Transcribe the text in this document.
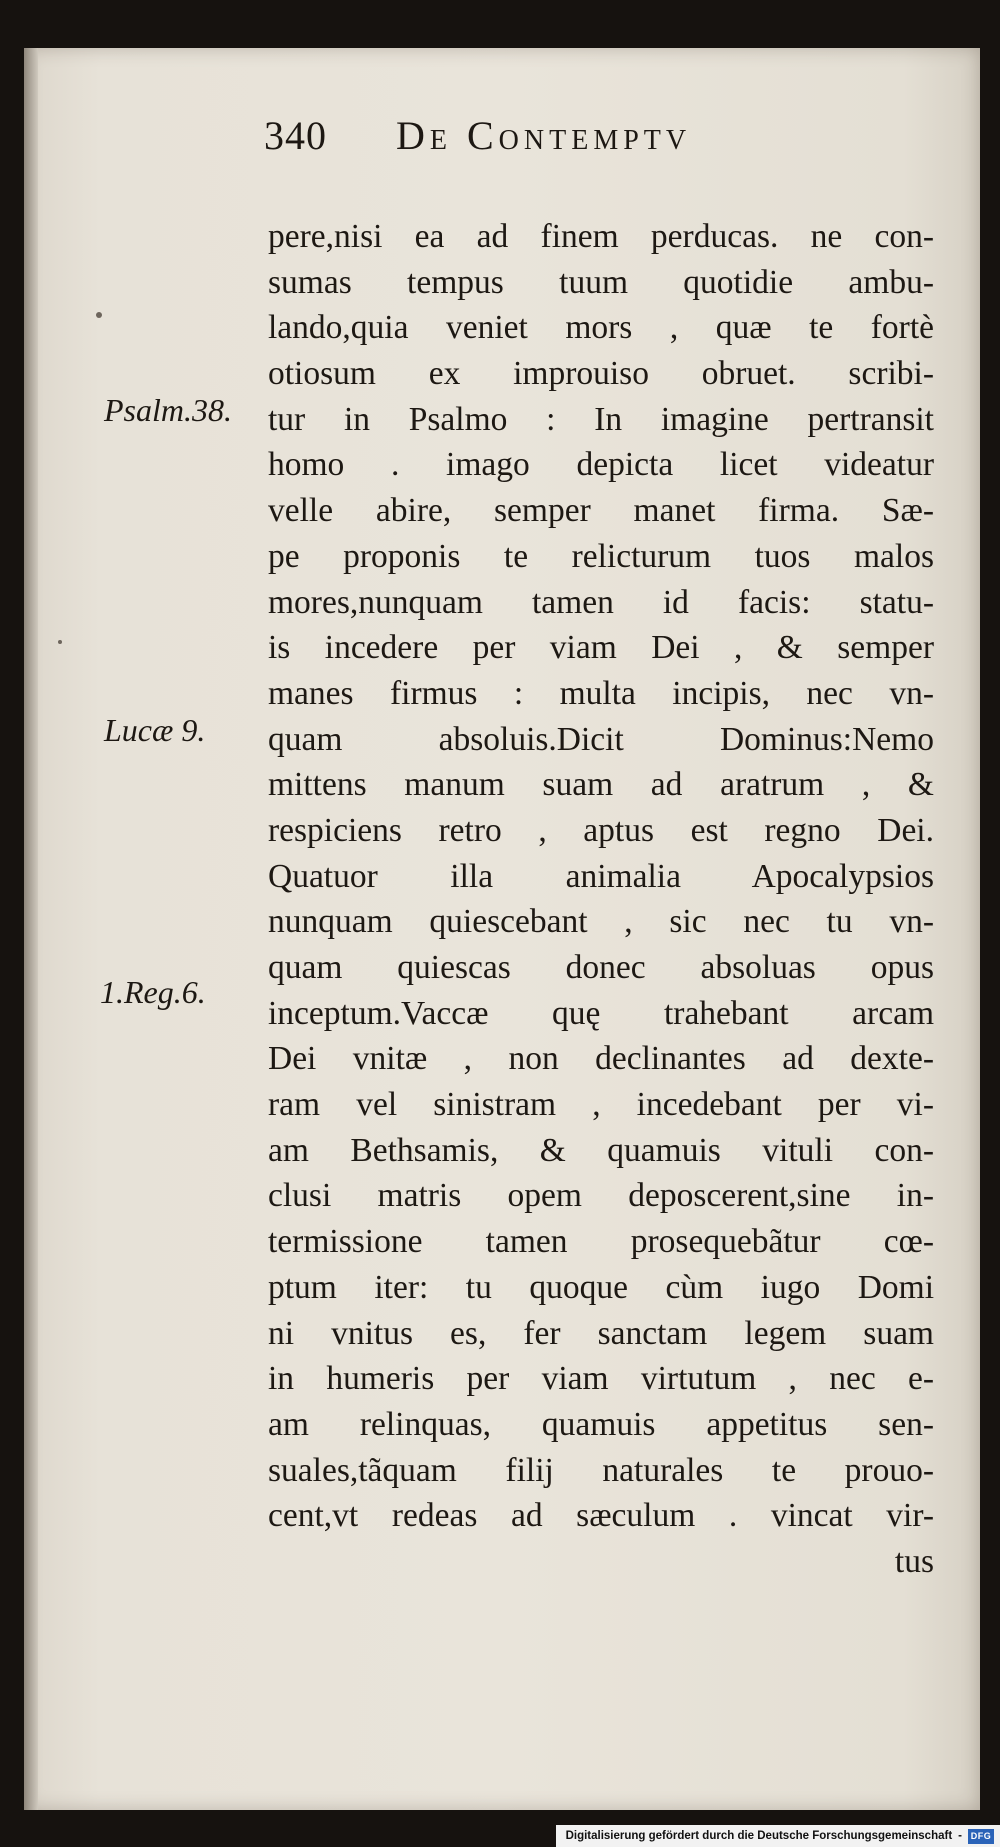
340 De Contemptv
Psalm.38.
Lucæ 9.
1.Reg.6.
pere,nisi ea ad finem perducas. ne con-
sumas tempus tuum quotidie ambu-
lando,quia veniet mors , quæ te fortè
otiosum ex improuiso obruet. scribi-
tur in Psalmo : In imagine pertransit
homo . imago depicta licet videatur
velle abire, semper manet firma. Sæ-
pe proponis te relicturum tuos malos
mores,nunquam tamen id facis: statu-
is incedere per viam Dei , & semper
manes firmus : multa incipis, nec vn-
quam absoluis.Dicit Dominus:Nemo
mittens manum suam ad aratrum , &
respiciens retro , aptus est regno Dei.
Quatuor illa animalia Apocalypsios
nunquam quiescebant , sic nec tu vn-
quam quiescas donec absoluas opus
inceptum.Vaccæ quę trahebant arcam
Dei vnitæ , non declinantes ad dexte-
ram vel sinistram , incedebant per vi-
am Bethsamis, & quamuis vituli con-
clusi matris opem deposcerent,sine in-
termissione tamen prosequebãtur cœ-
ptum iter: tu quoque cùm iugo Domi
ni vnitus es, fer sanctam legem suam
in humeris per viam virtutum , nec e-
am relinquas, quamuis appetitus sen-
suales,tãquam filij naturales te prouo-
cent,vt redeas ad sæculum . vincat vir-
tus
Digitalisierung gefördert durch die Deutsche Forschungsgemeinschaft - DFG
